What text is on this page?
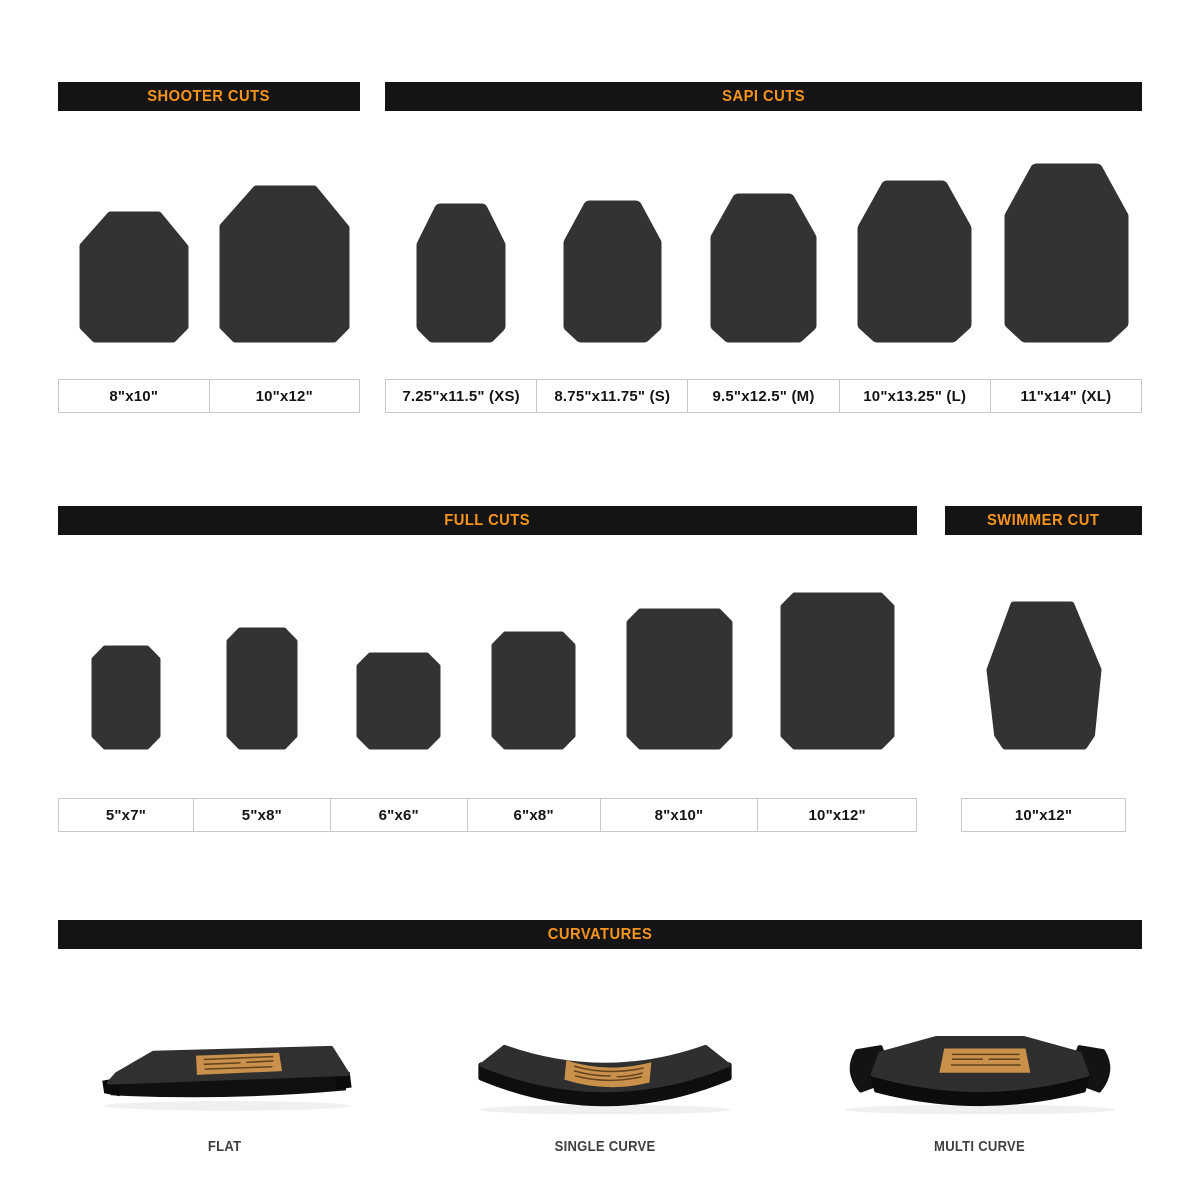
SHOOTER CUTS	SAPI CUTS
8"x10"	10"x12"	7.25"x11.5" (XS)	8.75"x11.75" (S)	9.5"x12.5" (M)	10"x13.25" (L)	11"x14" (XL)
FULL CUTS	SWIMMER CUT
5"x7"	5"x8"	6"x6"	6"x8"	8"x10"	10"x12"	10"x12"
CURVATURES
FLAT	SINGLE CURVE	MULTI CURVE
